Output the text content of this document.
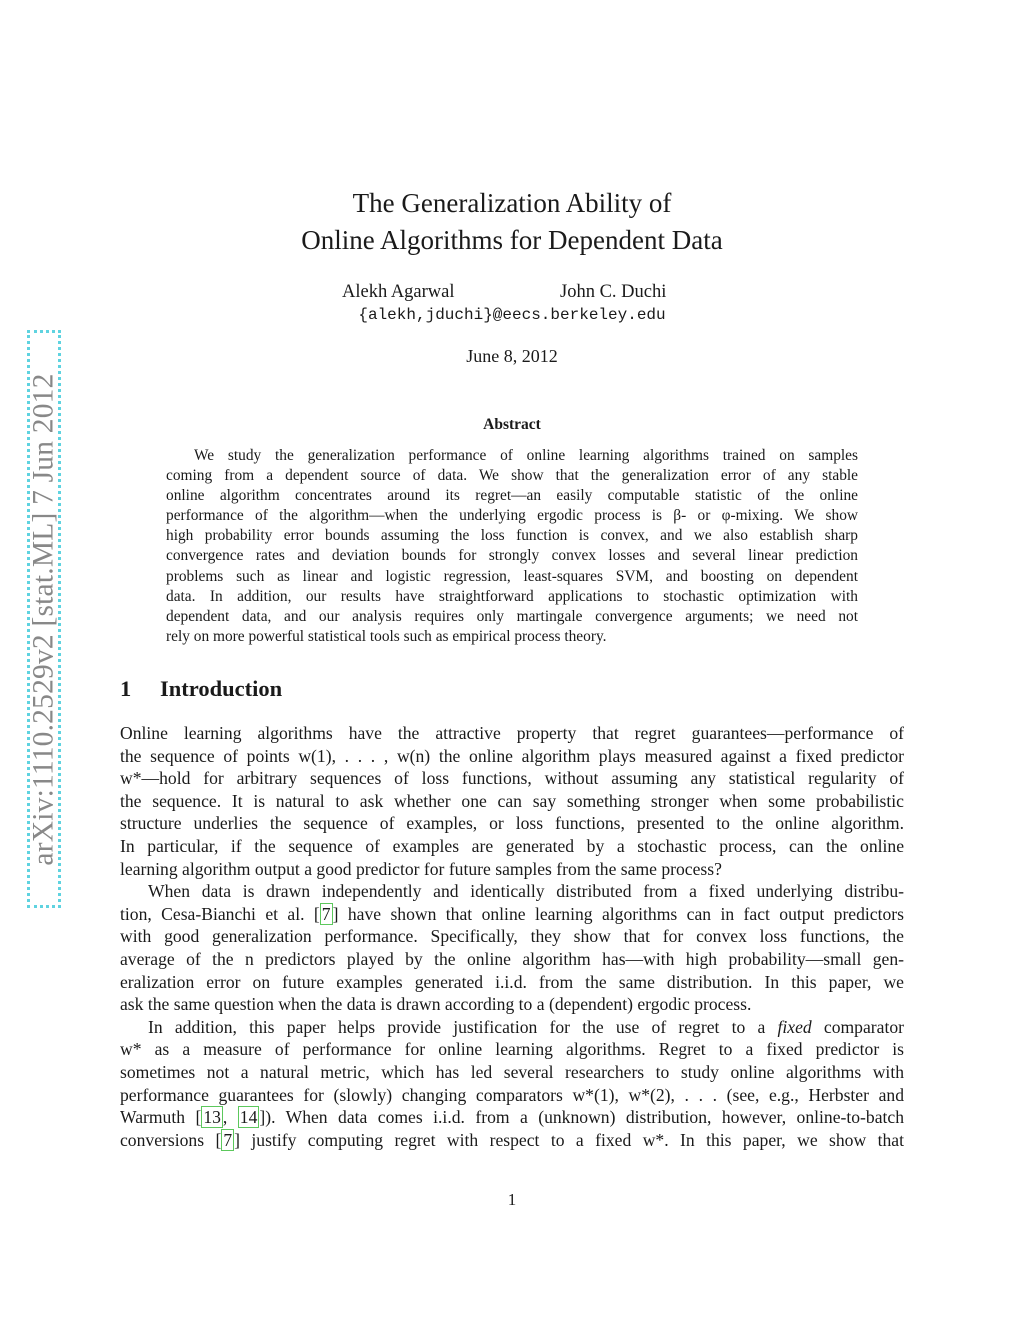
arXiv:1110.2529v2 [stat.ML] 7 Jun 2012
The Generalization Ability of
Online Algorithms for Dependent Data
Alekh Agarwal	John C. Duchi
{alekh,jduchi}@eecs.berkeley.edu
June 8, 2012
Abstract
We study the generalization performance of online learning algorithms trained on samples
coming from a dependent source of data. We show that the generalization error of any stable
online algorithm concentrates around its regret—an easily computable statistic of the online
performance of the algorithm—when the underlying ergodic process is β- or φ-mixing. We show
high probability error bounds assuming the loss function is convex, and we also establish sharp
convergence rates and deviation bounds for strongly convex losses and several linear prediction
problems such as linear and logistic regression, least-squares SVM, and boosting on dependent
data. In addition, our results have straightforward applications to stochastic optimization with
dependent data, and our analysis requires only martingale convergence arguments; we need not
rely on more powerful statistical tools such as empirical process theory.
1 Introduction
Online learning algorithms have the attractive property that regret guarantees—performance of
the sequence of points w(1), . . . , w(n) the online algorithm plays measured against a fixed predictor
w*—hold for arbitrary sequences of loss functions, without assuming any statistical regularity of
the sequence. It is natural to ask whether one can say something stronger when some probabilistic
structure underlies the sequence of examples, or loss functions, presented to the online algorithm.
In particular, if the sequence of examples are generated by a stochastic process, can the online
learning algorithm output a good predictor for future samples from the same process?
When data is drawn independently and identically distributed from a fixed underlying distribu-
tion, Cesa-Bianchi et al. [ 7 ] have shown that online learning algorithms can in fact output predictors
with good generalization performance. Specifically, they show that for convex loss functions, the
average of the n predictors played by the online algorithm has—with high probability—small gen-
eralization error on future examples generated i.i.d. from the same distribution. In this paper, we
ask the same question when the data is drawn according to a (dependent) ergodic process.
In addition, this paper helps provide justification for the use of regret to a fixed comparator
w* as a measure of performance for online learning algorithms. Regret to a fixed predictor is
sometimes not a natural metric, which has led several researchers to study online algorithms with
performance guarantees for (slowly) changing comparators w*(1), w*(2), . . . (see, e.g., Herbster and
Warmuth [ 13 , 14 ]). When data comes i.i.d. from a (unknown) distribution, however, online-to-batch
conversions [ 7 ] justify computing regret with respect to a fixed w*. In this paper, we show that
1
